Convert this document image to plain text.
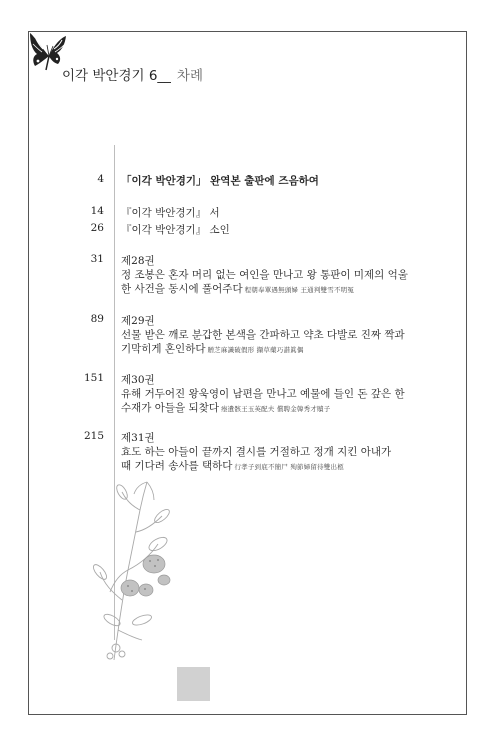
이각 박안경기 6__ 차례
4 「이각 박안경기」 완역본 출판에 즈음하여
14 『이각 박안경기』 서
26 『이각 박안경기』 소인
31 제28권
정 조봉은 혼자 머리 없는 여인을 만나고 왕 통판이 미제의 억울
한 사건을 동시에 풀어주다 程朝奉單遇無頭婦 王通判雙雪不明冤
89 제29권
선물 받은 깨로 분갑한 본색을 간파하고 약초 다발로 진짜 짝과
기막히게 혼인하다 贈芝麻識破假形 擷草藥巧諧眞偶
151 제30권
유해 거두어진 왕욱영이 남편을 만나고 예물에 들인 돈 갚은 한
수재가 아들을 되찾다 瘞遺骸王玉英配夫 償聘金韓秀才贖子
215 제31권
효도 하는 아들이 끝까지 결시를 거절하고 정개 지킨 아내가
때 기다려 송사를 택하다 行孝子到底不簡尸 殉節婦留待雙出柩
